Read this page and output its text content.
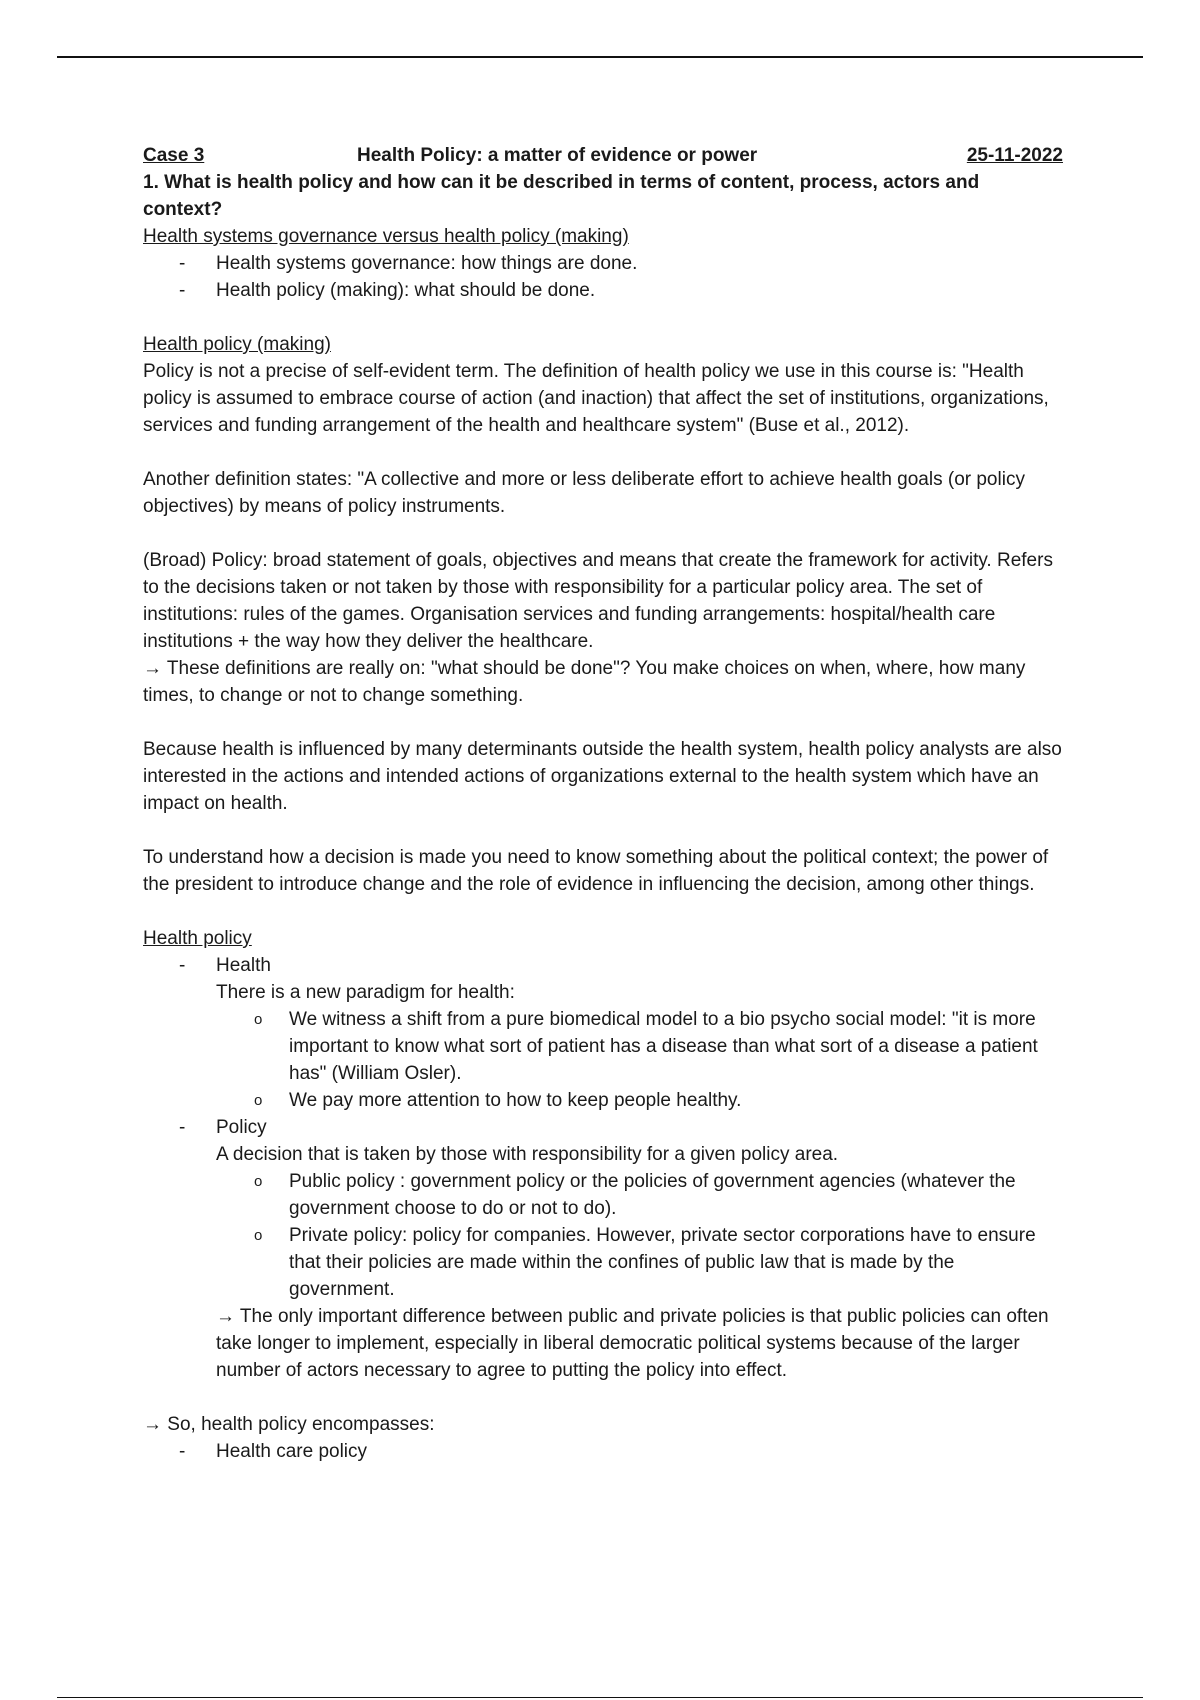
Case 3	Health Policy: a matter of evidence or power	25-11-2022

1. What is health policy and how can it be described in terms of content, process, actors and context?

Health systems governance versus health policy (making)

- Health systems governance: how things are done.
- Health policy (making): what should be done.

Health policy (making)

Policy is not a precise of self-evident term. The definition of health policy we use in this course is: "Health policy is assumed to embrace course of action (and inaction) that affect the set of institutions, organizations, services and funding arrangement of the health and healthcare system" (Buse et al., 2012).

Another definition states: "A collective and more or less deliberate effort to achieve health goals (or policy objectives) by means of policy instruments.

(Broad) Policy: broad statement of goals, objectives and means that create the framework for activity. Refers to the decisions taken or not taken by those with responsibility for a particular policy area. The set of institutions: rules of the games. Organisation services and funding arrangements: hospital/health care institutions + the way how they deliver the healthcare.

→ These definitions are really on: "what should be done"? You make choices on when, where, how many times, to change or not to change something.

Because health is influenced by many determinants outside the health system, health policy analysts are also interested in the actions and intended actions of organizations external to the health system which have an impact on health.

To understand how a decision is made you need to know something about the political context; the power of the president to introduce change and the role of evidence in influencing the decision, among other things.

Health policy

- Health
There is a new paradigm for health:
o We witness a shift from a pure biomedical model to a bio psycho social model: "it is more important to know what sort of patient has a disease than what sort of a disease a patient has" (William Osler).
o We pay more attention to how to keep people healthy.
- Policy
A decision that is taken by those with responsibility for a given policy area.
o Public policy : government policy or the policies of government agencies (whatever the government choose to do or not to do).
o Private policy: policy for companies. However, private sector corporations have to ensure that their policies are made within the confines of public law that is made by the government.
→ The only important difference between public and private policies is that public policies can often take longer to implement, especially in liberal democratic political systems because of the larger number of actors necessary to agree to putting the policy into effect.

→ So, health policy encompasses:

- Health care policy
